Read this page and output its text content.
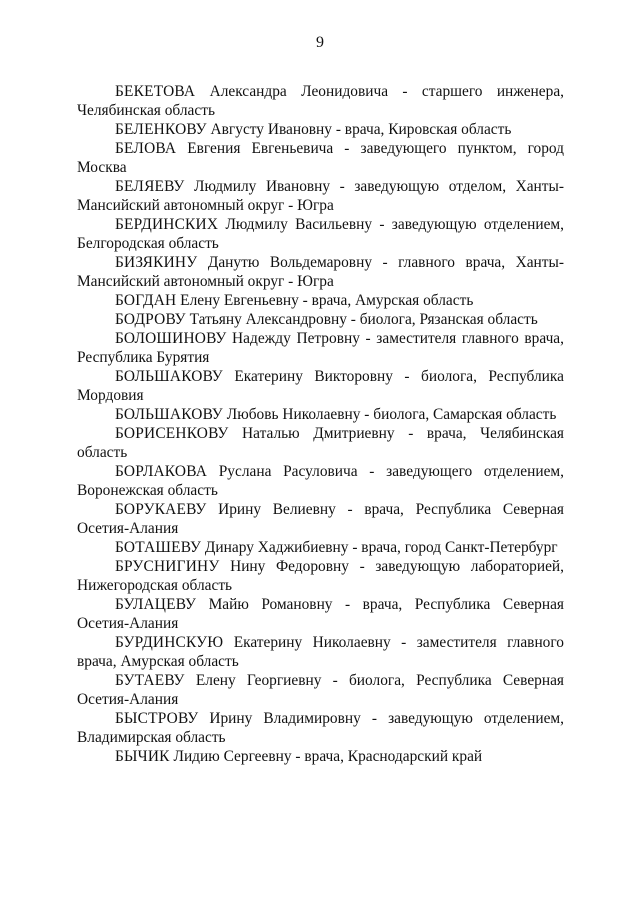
9

БЕКЕТОВА Александра Леонидовича - старшего инженера, Челябинская область

БЕЛЕНКОВУ Августу Ивановну - врача, Кировская область

БЕЛОВА Евгения Евгеньевича - заведующего пунктом, город Москва

БЕЛЯЕВУ Людмилу Ивановну - заведующую отделом, Ханты-Мансийский автономный округ - Югра

БЕРДИНСКИХ Людмилу Васильевну - заведующую отделением, Белгородская область

БИЗЯКИНУ Данутю Вольдемаровну - главного врача, Ханты-Мансийский автономный округ - Югра

БОГДАН Елену Евгеньевну - врача, Амурская область

БОДРОВУ Татьяну Александровну - биолога, Рязанская область

БОЛОШИНОВУ Надежду Петровну - заместителя главного врача, Республика Бурятия

БОЛЬШАКОВУ Екатерину Викторовну - биолога, Республика Мордовия

БОЛЬШАКОВУ Любовь Николаевну - биолога, Самарская область

БОРИСЕНКОВУ Наталью Дмитриевну - врача, Челябинская область

БОРЛАКОВА Руслана Расуловича - заведующего отделением, Воронежская область

БОРУКАЕВУ Ирину Велиевну - врача, Республика Северная Осетия-Алания

БОТАШЕВУ Динару Хаджибиевну - врача, город Санкт-Петербург

БРУСНИГИНУ Нину Федоровну - заведующую лабораторией, Нижегородская область

БУЛАЦЕВУ Майю Романовну - врача, Республика Северная Осетия-Алания

БУРДИНСКУЮ Екатерину Николаевну - заместителя главного врача, Амурская область

БУТАЕВУ Елену Георгиевну - биолога, Республика Северная Осетия-Алания

БЫСТРОВУ Ирину Владимировну - заведующую отделением, Владимирская область

БЫЧИК Лидию Сергеевну - врача, Краснодарский край
